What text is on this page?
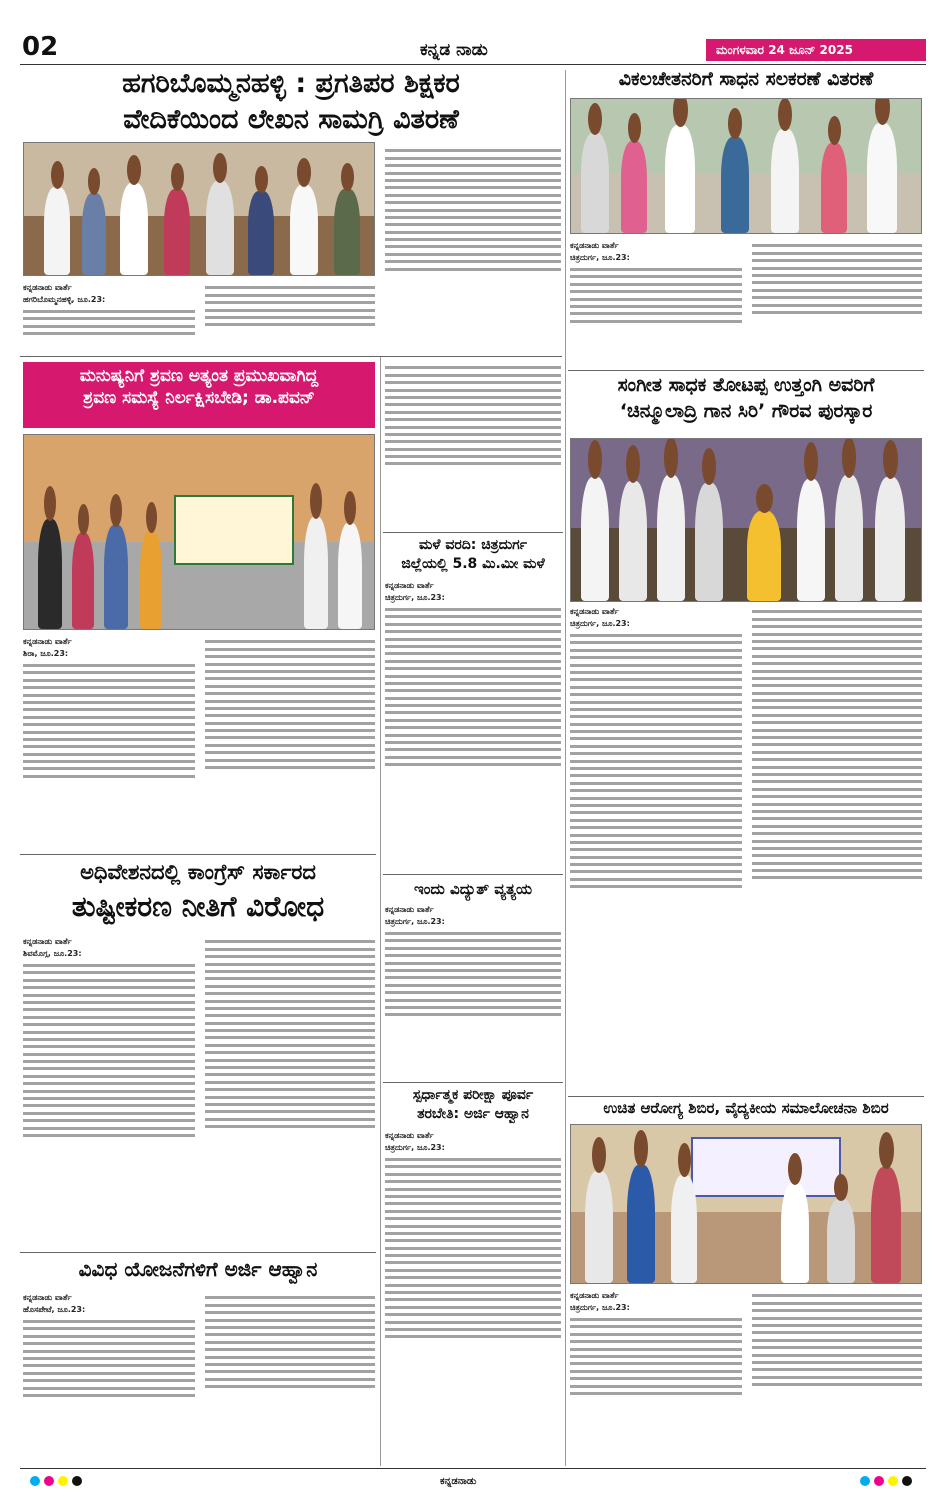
02	ಕನ್ನಡ ನಾಡು	ಮಂಗಳವಾರ 24 ಜೂನ್ 2025
ಹಗರಿಬೊಮ್ಮನಹಳ್ಳಿ : ಪ್ರಗತಿಪರ ಶಿಕ್ಷಕರ
ವೇದಿಕೆಯಿಂದ ಲೇಖನ ಸಾಮಗ್ರಿ ವಿತರಣೆ
ಕನ್ನಡನಾಡು ವಾರ್ತೆ
ಹಗರಿಬೊಮ್ಮನಹಳ್ಳಿ, ಜೂ.23:
ಮನುಷ್ಯನಿಗೆ ಶ್ರವಣ ಅತ್ಯಂತ ಪ್ರಮುಖವಾಗಿದ್ದ
ಶ್ರವಣ ಸಮಸ್ಯೆ ನಿರ್ಲಕ್ಷಿಸಬೇಡಿ; ಡಾ.ಪವನ್
ಕನ್ನಡನಾಡು ವಾರ್ತೆ
ಶಿರಾ, ಜೂ.23:
ಅಧಿವೇಶನದಲ್ಲಿ ಕಾಂಗ್ರೆಸ್ ಸರ್ಕಾರದ
ತುಷ್ಟೀಕರಣ ನೀತಿಗೆ ವಿರೋಧ
ಕನ್ನಡನಾಡು ವಾರ್ತೆ
ಶಿವಮೊಗ್ಗ, ಜೂ.23:
ವಿವಿಧ ಯೋಜನೆಗಳಿಗೆ ಅರ್ಜಿ ಆಹ್ವಾನ
ಕನ್ನಡನಾಡು ವಾರ್ತೆ
ಹೊಸಪೇಟೆ, ಜೂ.23:
ಮಳೆ ವರದಿ: ಚಿತ್ರದುರ್ಗ
ಜಿಲ್ಲೆಯಲ್ಲಿ 5.8 ಮಿ.ಮೀ ಮಳೆ
ಕನ್ನಡನಾಡು ವಾರ್ತೆ
ಚಿತ್ರದುರ್ಗ, ಜೂ.23:
ಇಂದು ವಿದ್ಯುತ್ ವ್ಯತ್ಯಯ
ಕನ್ನಡನಾಡು ವಾರ್ತೆ
ಚಿತ್ರದುರ್ಗ, ಜೂ.23:
ಸ್ಪರ್ಧಾತ್ಮಕ ಪರೀಕ್ಷಾ ಪೂರ್ವ
ತರಬೇತಿ: ಅರ್ಜಿ ಆಹ್ವಾನ
ಕನ್ನಡನಾಡು ವಾರ್ತೆ
ಚಿತ್ರದುರ್ಗ, ಜೂ.23:
ವಿಕಲಚೇತನರಿಗೆ ಸಾಧನ ಸಲಕರಣೆ ವಿತರಣೆ
ಕನ್ನಡನಾಡು ವಾರ್ತೆ
ಚಿತ್ರದುರ್ಗ, ಜೂ.23:
ಸಂಗೀತ ಸಾಧಕ ತೋಟಪ್ಪ ಉತ್ತಂಗಿ ಅವರಿಗೆ
‘ಚಿನ್ಮೂಲಾದ್ರಿ ಗಾನ ಸಿರಿ’ ಗೌರವ ಪುರಸ್ಕಾರ
ಕನ್ನಡನಾಡು ವಾರ್ತೆ
ಚಿತ್ರದುರ್ಗ, ಜೂ.23:
ಉಚಿತ ಆರೋಗ್ಯ ಶಿಬಿರ, ವೈದ್ಯಕೀಯ ಸಮಾಲೋಚನಾ ಶಿಬಿರ
ಕನ್ನಡನಾಡು ವಾರ್ತೆ
ಚಿತ್ರದುರ್ಗ, ಜೂ.23:
ಕನ್ನಡನಾಡು
